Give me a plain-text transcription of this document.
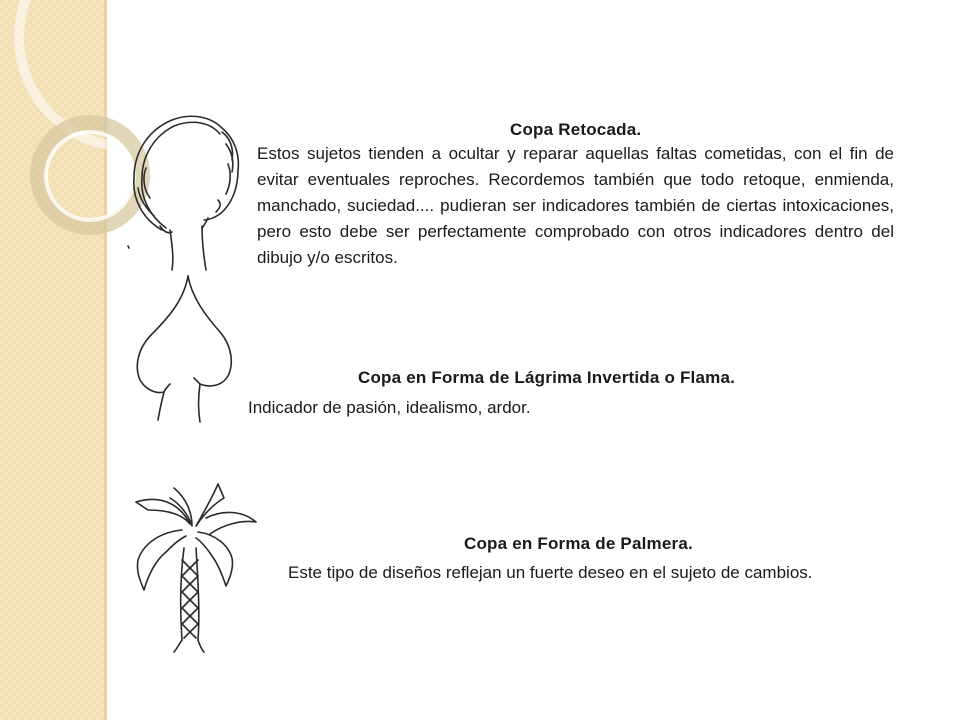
Copa Retocada.
Estos sujetos tienden a ocultar y reparar aquellas faltas cometidas, con el fin de evitar eventuales reproches. Recordemos también que todo retoque, enmienda, manchado, suciedad.... pudieran ser indicadores también de ciertas intoxicaciones, pero esto debe ser perfectamente comprobado con otros indicadores dentro del dibujo y/o escritos.
Copa en Forma de Lágrima Invertida o Flama.
Indicador de pasión, idealismo, ardor.
Copa en Forma de Palmera.
Este tipo de diseños reflejan un fuerte deseo en el sujeto de cambios.
